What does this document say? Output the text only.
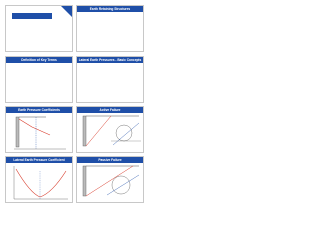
Earth Retaining Structures
Definition of Key Terms	Lateral Earth Pressures - Basic Concepts
Earth Pressure Coefficients	Active Failure
Lateral Earth Pressure Coefficient	Passive Failure
